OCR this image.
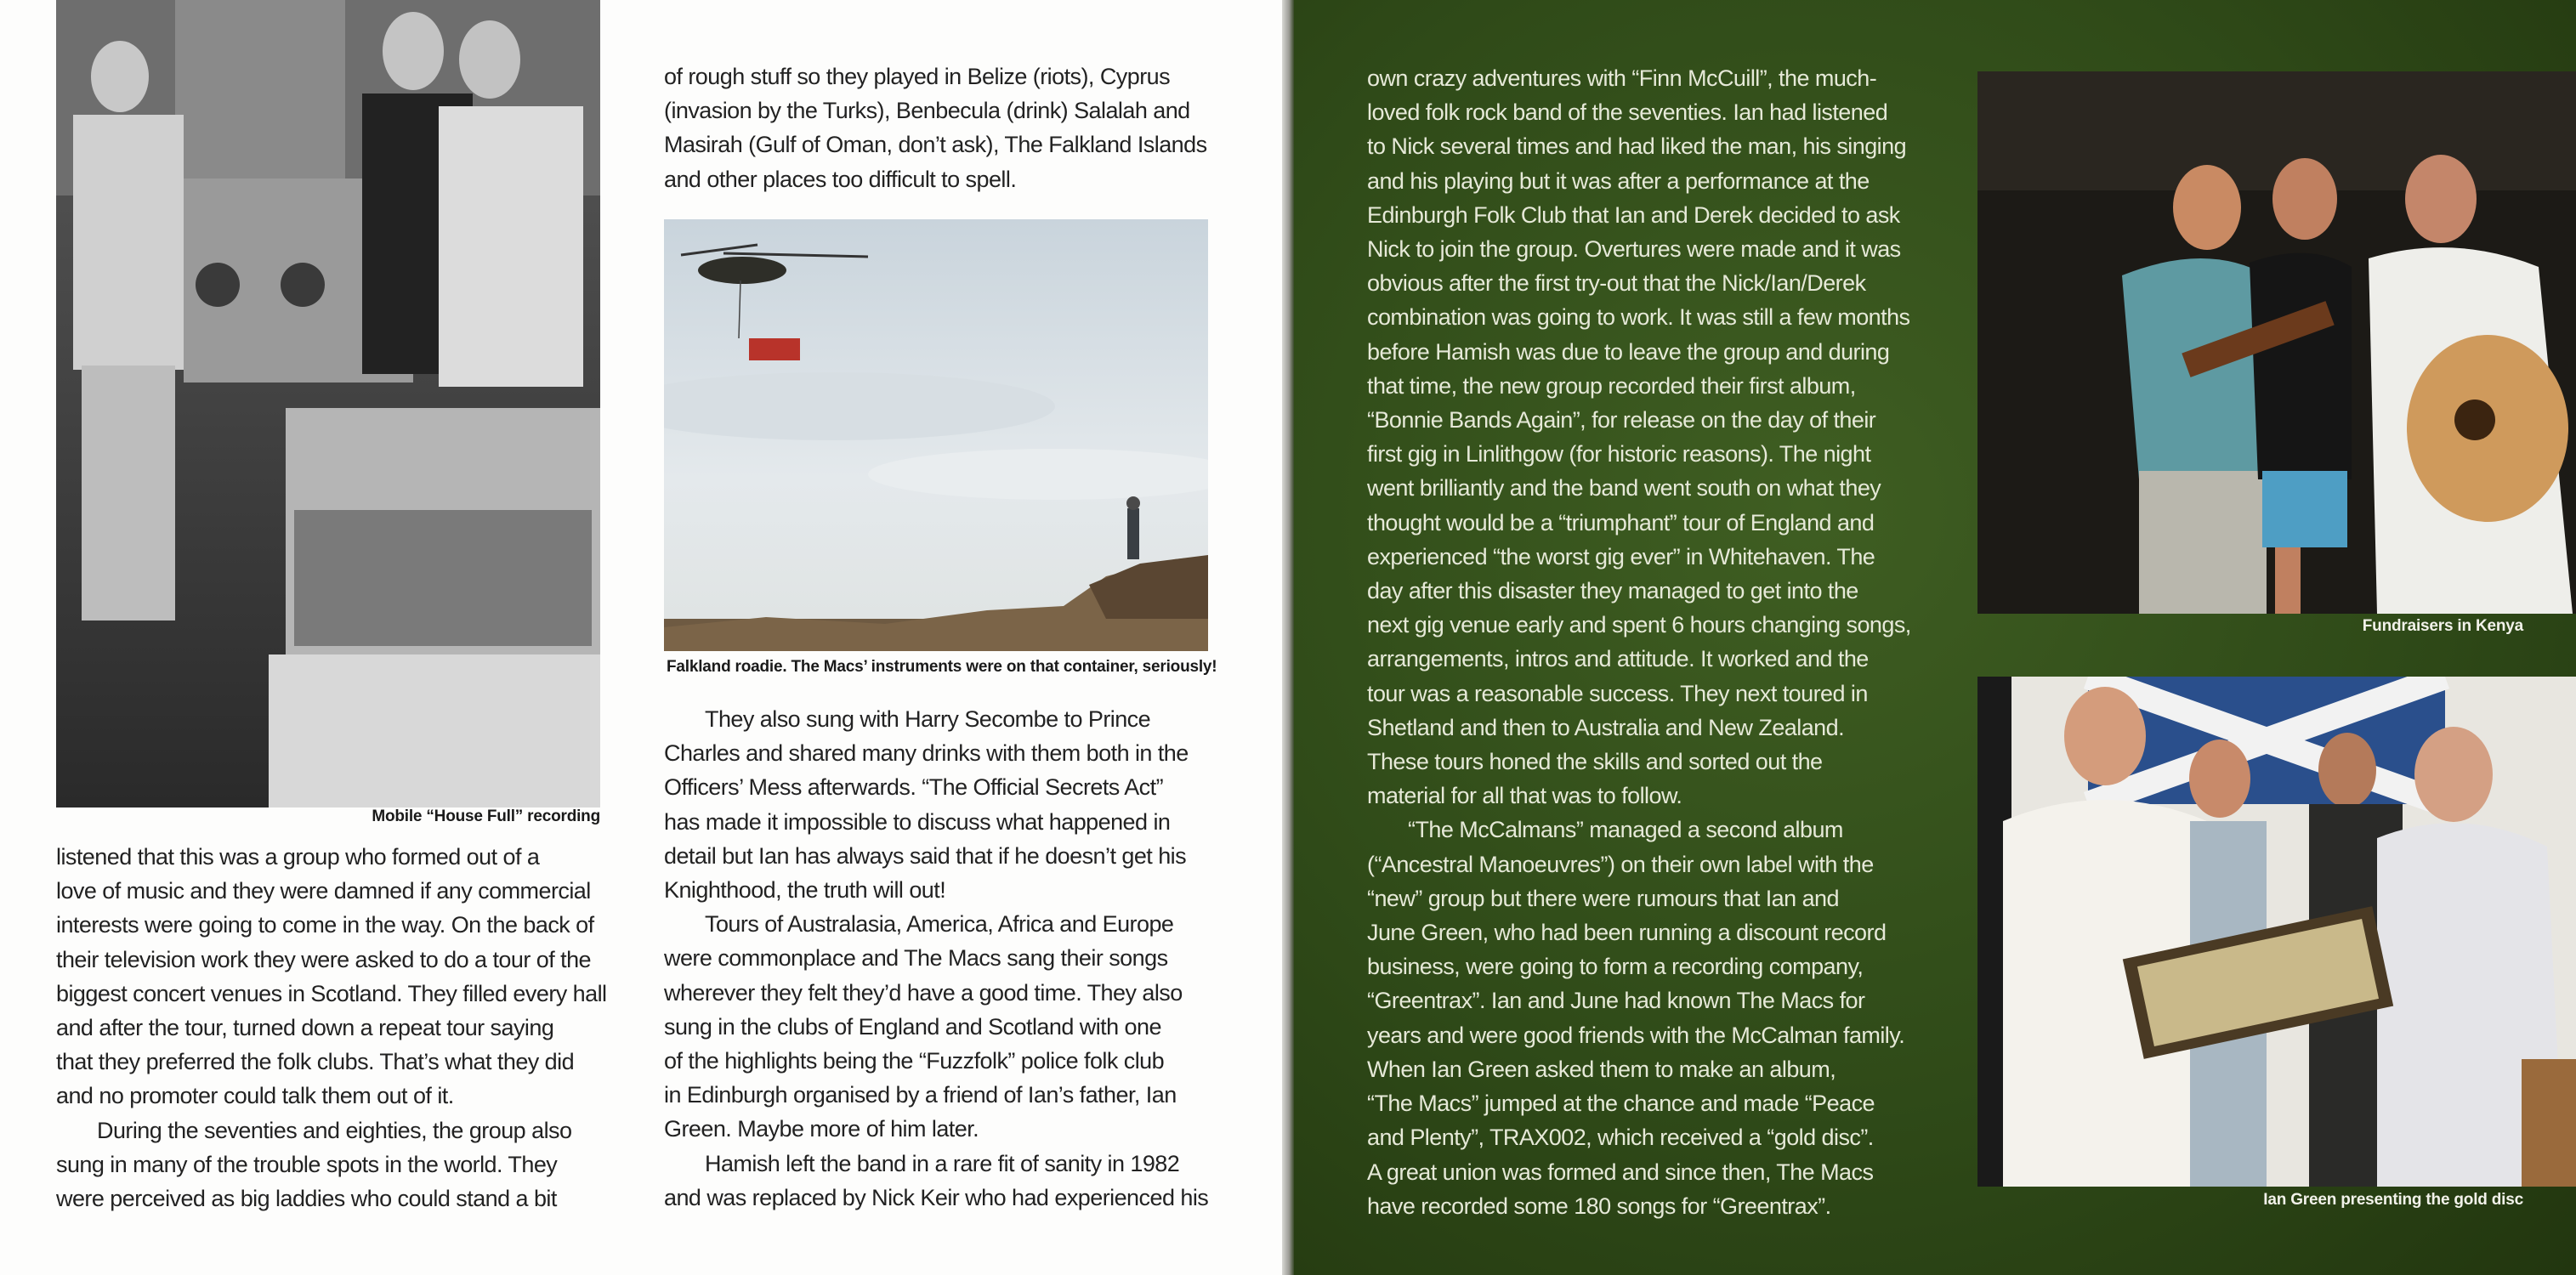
Mobile “House Full” recording
listened that this was a group who formed out of a
love of music and they were damned if any commercial
interests were going to come in the way. On the back of
their television work they were asked to do a tour of the
biggest concert venues in Scotland. They filled every hall
and after the tour, turned down a repeat tour saying
that they preferred the folk clubs. That’s what they did
and no promoter could talk them out of it.
During the seventies and eighties, the group also
sung in many of the trouble spots in the world. They
were perceived as big laddies who could stand a bit
of rough stuff so they played in Belize (riots), Cyprus
(invasion by the Turks), Benbecula (drink) Salalah and
Masirah (Gulf of Oman, don’t ask), The Falkland Islands
and other places too difficult to spell.
Falkland roadie. The Macs’ instruments were on that container, seriously!
They also sung with Harry Secombe to Prince
Charles and shared many drinks with them both in the
Officers’ Mess afterwards. “The Official Secrets Act”
has made it impossible to discuss what happened in
detail but Ian has always said that if he doesn’t get his
Knighthood, the truth will out!
Tours of Australasia, America, Africa and Europe
were commonplace and The Macs sang their songs
wherever they felt they’d have a good time. They also
sung in the clubs of England and Scotland with one
of the highlights being the “Fuzzfolk” police folk club
in Edinburgh organised by a friend of Ian’s father, Ian
Green. Maybe more of him later.
Hamish left the band in a rare fit of sanity in 1982
and was replaced by Nick Keir who had experienced his
own crazy adventures with “Finn McCuill”, the much-
loved folk rock band of the seventies. Ian had listened
to Nick several times and had liked the man, his singing
and his playing but it was after a performance at the
Edinburgh Folk Club that Ian and Derek decided to ask
Nick to join the group. Overtures were made and it was
obvious after the first try-out that the Nick/Ian/Derek
combination was going to work. It was still a few months
before Hamish was due to leave the group and during
that time, the new group recorded their first album,
“Bonnie Bands Again”, for release on the day of their
first gig in Linlithgow (for historic reasons). The night
went brilliantly and the band went south on what they
thought would be a “triumphant” tour of England and
experienced “the worst gig ever” in Whitehaven. The
day after this disaster they managed to get into the
next gig venue early and spent 6 hours changing songs,
arrangements, intros and attitude. It worked and the
tour was a reasonable success. They next toured in
Shetland and then to Australia and New Zealand.
These tours honed the skills and sorted out the
material for all that was to follow.
“The McCalmans” managed a second album
(“Ancestral Manoeuvres”) on their own label with the
“new” group but there were rumours that Ian and
June Green, who had been running a discount record
business, were going to form a recording company,
“Greentrax”. Ian and June had known The Macs for
years and were good friends with the McCalman family.
When Ian Green asked them to make an album,
“The Macs” jumped at the chance and made “Peace
and Plenty”, TRAX002, which received a “gold disc”.
A great union was formed and since then, The Macs
have recorded some 180 songs for “Greentrax”.
Fundraisers in Kenya
Ian Green presenting the gold disc
